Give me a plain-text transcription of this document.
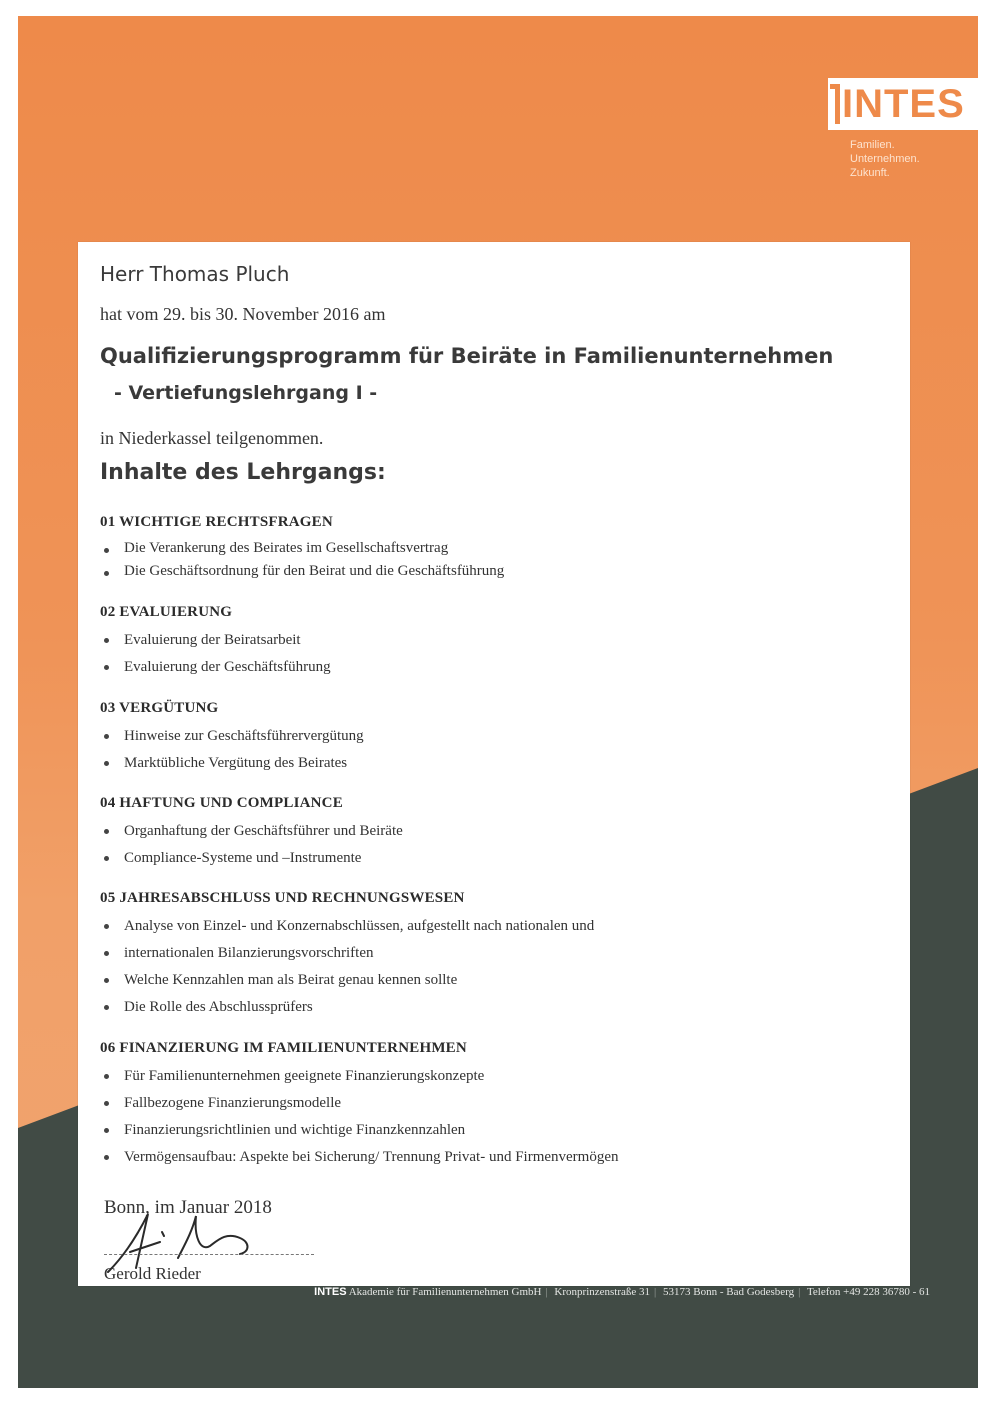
INTES
Familien.
Unternehmen.
Zukunft.
Herr Thomas Pluch
hat vom 29. bis 30. November 2016 am
Qualifizierungsprogramm für Beiräte in Familienunternehmen
- Vertiefungslehrgang I -
in Niederkassel teilgenommen.
Inhalte des Lehrgangs:
01 WICHTIGE RECHTSFRAGEN
Die Verankerung des Beirates im Gesellschaftsvertrag
Die Geschäftsordnung für den Beirat und die Geschäftsführung
02 EVALUIERUNG
Evaluierung der Beiratsarbeit
Evaluierung der Geschäftsführung
03 VERGÜTUNG
Hinweise zur Geschäftsführervergütung
Marktübliche Vergütung des Beirates
04 HAFTUNG UND COMPLIANCE
Organhaftung der Geschäftsführer und Beiräte
Compliance-Systeme und –Instrumente
05 JAHRESABSCHLUSS UND RECHNUNGSWESEN
Analyse von Einzel- und Konzernabschlüssen, aufgestellt nach nationalen und
internationalen Bilanzierungsvorschriften
Welche Kennzahlen man als Beirat genau kennen sollte
Die Rolle des Abschlussprüfers
06 FINANZIERUNG IM FAMILIENUNTERNEHMEN
Für Familienunternehmen geeignete Finanzierungskonzepte
Fallbezogene Finanzierungsmodelle
Finanzierungsrichtlinien und wichtige Finanzkennzahlen
Vermögensaufbau: Aspekte bei Sicherung/ Trennung Privat- und Firmenvermögen
Bonn, im Januar 2018
Gerold Rieder
INTES Akademie für Familienunternehmen GmbH | Kronprinzenstraße 31 | 53173 Bonn - Bad Godesberg | Telefon +49 228 36780 - 61
